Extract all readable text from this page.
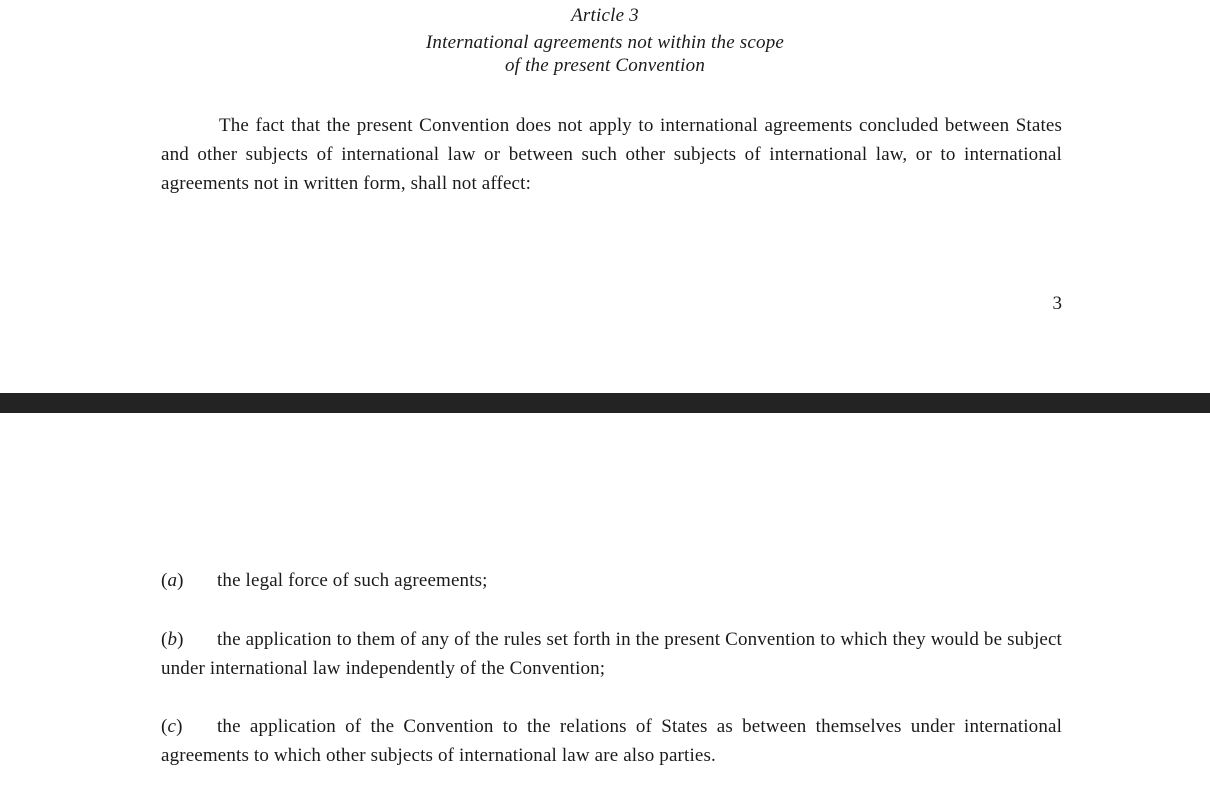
Article 3
International agreements not within the scope
of the present Convention
The fact that the present Convention does not apply to international agreements concluded between States and other subjects of international law or between such other subjects of international law, or to international agreements not in written form, shall not affect:
3
(a) the legal force of such agreements;
(b) the application to them of any of the rules set forth in the present Convention to which they would be subject under international law independently of the Convention;
(c) the application of the Convention to the relations of States as between themselves under international agreements to which other subjects of international law are also parties.
